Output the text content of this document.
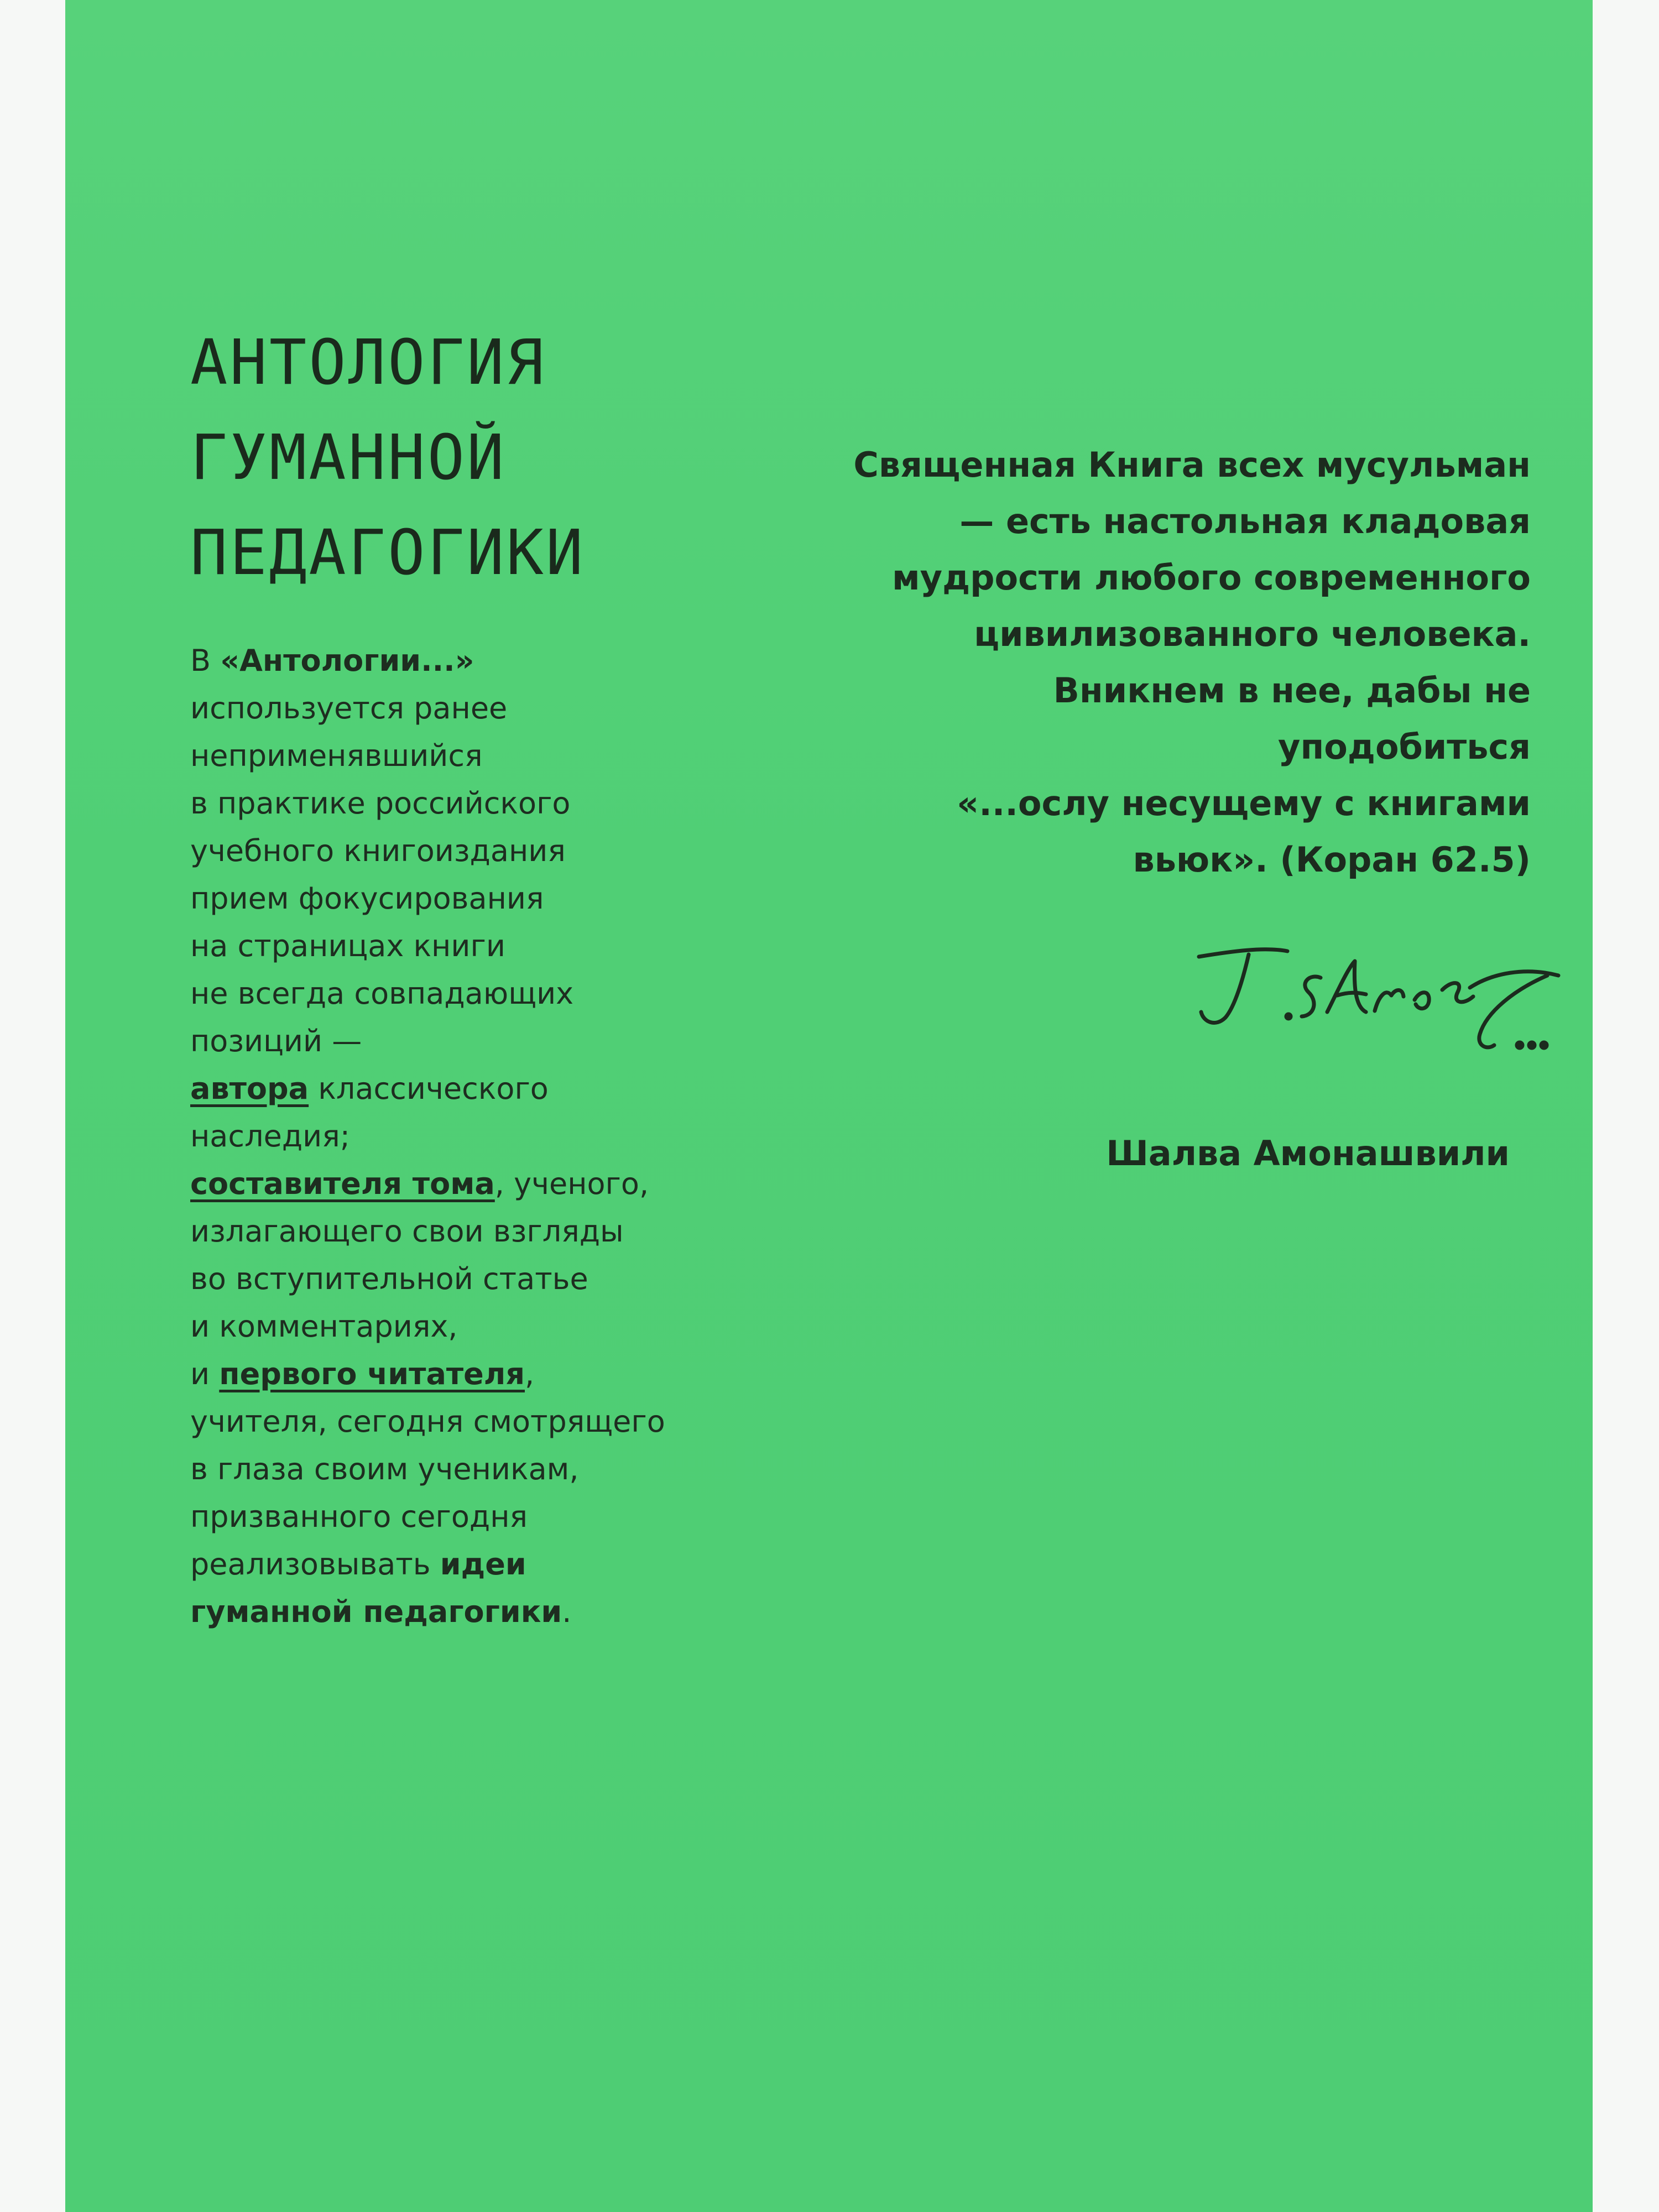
АНТОЛОГИЯ
ГУМАННОЙ
ПЕДАГОГИКИ

В «Антологии...»
используется ранее
неприменявшийся
в практике российского
учебного книгоиздания
прием фокусирования
на страницах книги
не всегда совпадающих
позиций —
автора классического
наследия;
составителя тома, ученого,
излагающего свои взгляды
во вступительной статье
и комментариях,
и первого читателя,
учителя, сегодня смотрящего
в глаза своим ученикам,
призванного сегодня
реализовывать идеи
гуманной педагогики.

Священная Книга всех мусульман
— есть настольная кладовая
мудрости любого современного
цивилизованного человека.
Вникнем в нее, дабы не
уподобиться
«...ослу несущему с книгами
вьюк». (Коран 62.5)

Шалва Амонашвили
